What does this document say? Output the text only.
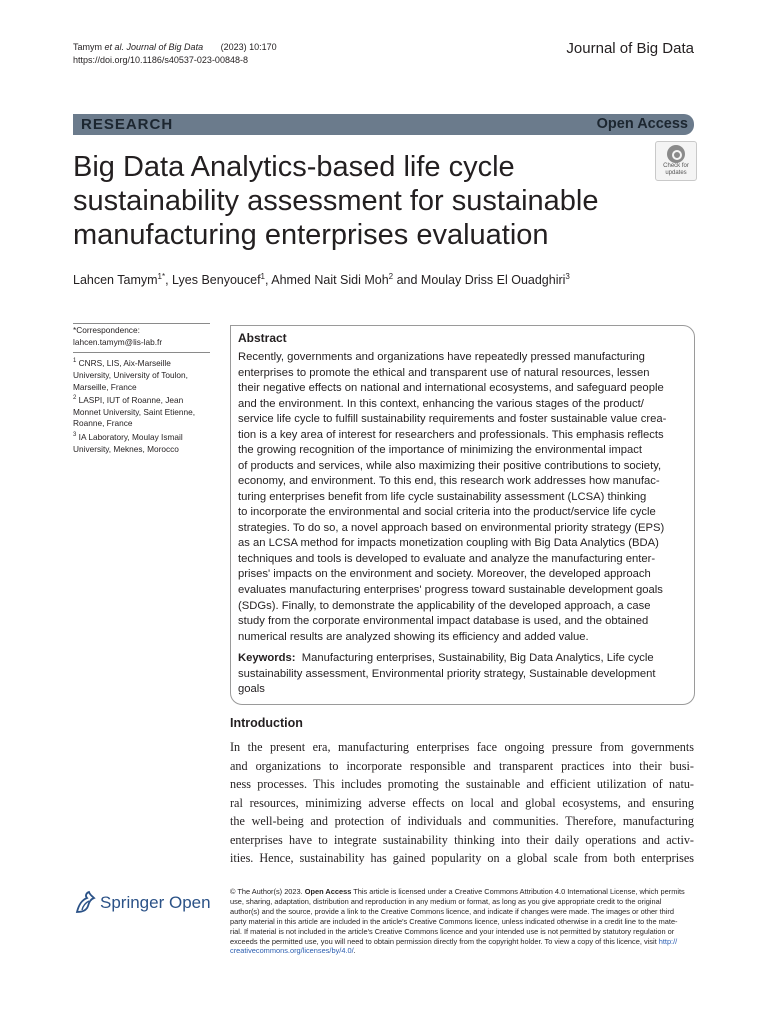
Tamym et al. Journal of Big Data (2023) 10:170
https://doi.org/10.1186/s40537-023-00848-8
Journal of Big Data
RESEARCH	Open Access
Check for
updates
Big Data Analytics-based life cycle
sustainability assessment for sustainable
manufacturing enterprises evaluation
Lahcen Tamym$^{1*}$, Lyes Benyoucef$^1$, Ahmed Nait Sidi Moh$^2$ and Moulay Driss El Ouadghiri$^3$
*Correspondence:
lahcen.tamym@lis-lab.fr
$^1$ CNRS, LIS, Aix-Marseille
University, University of Toulon,
Marseille, France
$^2$ LASPI, IUT of Roanne, Jean
Monnet University, Saint Etienne,
Roanne, France
$^3$ IA Laboratory, Moulay Ismail
University, Meknes, Morocco
Abstract
Recently, governments and organizations have repeatedly pressed manufacturing
enterprises to promote the ethical and transparent use of natural resources, lessen
their negative effects on national and international ecosystems, and safeguard people
and the environment. In this context, enhancing the various stages of the product/
service life cycle to fulfill sustainability requirements and foster sustainable value crea-
tion is a key area of interest for researchers and professionals. This emphasis reflects
the growing recognition of the importance of minimizing the environmental impact
of products and services, while also maximizing their positive contributions to society,
economy, and environment. To this end, this research work addresses how manufac-
turing enterprises benefit from life cycle sustainability assessment (LCSA) thinking
to incorporate the environmental and social criteria into the product/service life cycle
strategies. To do so, a novel approach based on environmental priority strategy (EPS)
as an LCSA method for impacts monetization coupling with Big Data Analytics (BDA)
techniques and tools is developed to evaluate and analyze the manufacturing enter-
prises' impacts on the environment and society. Moreover, the developed approach
evaluates manufacturing enterprises' progress toward sustainable development goals
(SDGs). Finally, to demonstrate the applicability of the developed approach, a case
study from the corporate environmental impact database is used, and the obtained
numerical results are analyzed showing its efficiency and added value.
Keywords: Manufacturing enterprises, Sustainability, Big Data Analytics, Life cycle
sustainability assessment, Environmental priority strategy, Sustainable development
goals
Introduction
In the present era, manufacturing enterprises face ongoing pressure from governments
and organizations to incorporate responsible and transparent practices into their busi-
ness processes. This includes promoting the sustainable and efficient utilization of natu-
ral resources, minimizing adverse effects on local and global ecosystems, and ensuring
the well-being and protection of individuals and communities. Therefore, manufacturing
enterprises have to integrate sustainability thinking into their daily operations and activ-
ities. Hence, sustainability has gained popularity on a global scale from both enterprises
Springer Open
© The Author(s) 2023. Open Access This article is licensed under a Creative Commons Attribution 4.0 International License, which permits
use, sharing, adaptation, distribution and reproduction in any medium or format, as long as you give appropriate credit to the original
author(s) and the source, provide a link to the Creative Commons licence, and indicate if changes were made. The images or other third
party material in this article are included in the article's Creative Commons licence, unless indicated otherwise in a credit line to the mate-
rial. If material is not included in the article's Creative Commons licence and your intended use is not permitted by statutory regulation or
exceeds the permitted use, you will need to obtain permission directly from the copyright holder. To view a copy of this licence, visit http://
creativecommons.org/licenses/by/4.0/.
